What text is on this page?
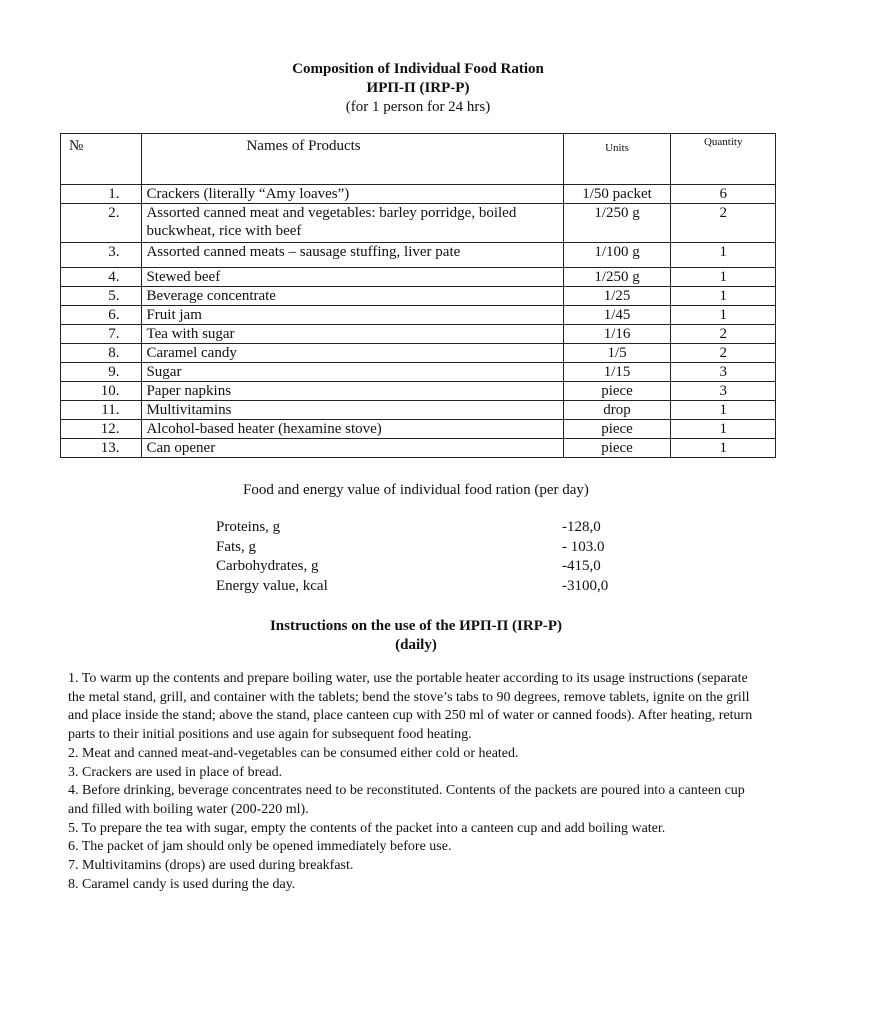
Composition of Individual Food Ration
ИРП-П (IRP-P)
(for 1 person for 24 hrs)
№	Names of Products	Units	Quantity
1.	Crackers (literally “Amy loaves”)	1/50 packet	6
2.	Assorted canned meat and vegetables: barley porridge, boiled buckwheat, rice with beef	1/250 g	2
3.	Assorted canned meats – sausage stuffing, liver pate	1/100 g	1
4.	Stewed beef	1/250 g	1
5.	Beverage concentrate	1/25	1
6.	Fruit jam	1/45	1
7.	Tea with sugar	1/16	2
8.	Caramel candy	1/5	2
9.	Sugar	1/15	3
10.	Paper napkins	piece	3
11.	Multivitamins	drop	1
12.	Alcohol-based heater (hexamine stove)	piece	1
13.	Can opener	piece	1
Food and energy value of individual food ration (per day)
Proteins, g	-128,0
Fats, g	- 103.0
Carbohydrates, g	-415,0
Energy value, kcal	-3100,0
Instructions on the use of the ИРП-П (IRP-P)
(daily)

1. To warm up the contents and prepare boiling water, use the portable heater according to its usage instructions (separate the metal stand, grill, and container with the tablets; bend the stove’s tabs to 90 degrees, remove tablets, ignite on the grill and place inside the stand; above the stand, place canteen cup with 250 ml of water or canned foods). After heating, return parts to their initial positions and use again for subsequent food heating.

2. Meat and canned meat-and-vegetables can be consumed either cold or heated.

3. Crackers are used in place of bread.

4. Before drinking, beverage concentrates need to be reconstituted. Contents of the packets are poured into a canteen cup and filled with boiling water (200-220 ml).

5. To prepare the tea with sugar, empty the contents of the packet into a canteen cup and add boiling water.

6. The packet of jam should only be opened immediately before use.

7. Multivitamins (drops) are used during breakfast.

8. Caramel candy is used during the day.
